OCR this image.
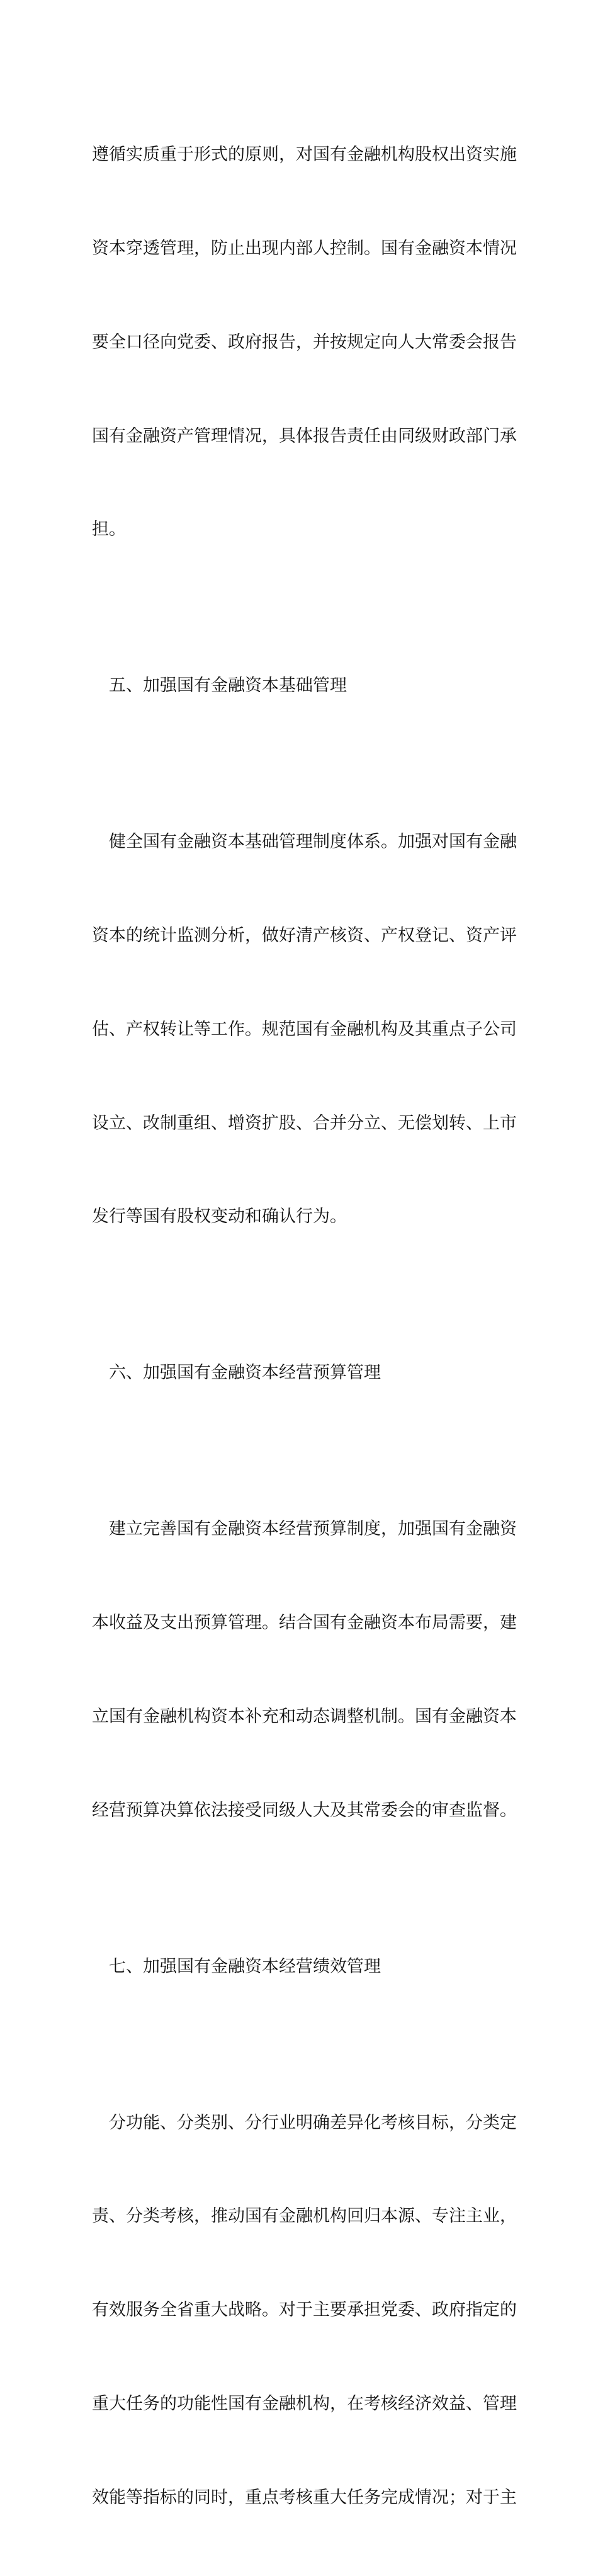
遵循实质重于形式的原则，对国有金融机构股权出资实施

资本穿透管理，防止出现内部人控制。国有金融资本情况

要全口径向党委、政府报告，并按规定向人大常委会报告

国有金融资产管理情况，具体报告责任由同级财政部门承

担。

　五、加强国有金融资本基础管理

　健全国有金融资本基础管理制度体系。加强对国有金融

资本的统计监测分析，做好清产核资、产权登记、资产评

估、产权转让等工作。规范国有金融机构及其重点子公司

设立、改制重组、增资扩股、合并分立、无偿划转、上市

发行等国有股权变动和确认行为。

　六、加强国有金融资本经营预算管理

　建立完善国有金融资本经营预算制度，加强国有金融资

本收益及支出预算管理。结合国有金融资本布局需要，建

立国有金融机构资本补充和动态调整机制。国有金融资本

经营预算决算依法接受同级人大及其常委会的审查监督。

　七、加强国有金融资本经营绩效管理

　分功能、分类别、分行业明确差异化考核目标，分类定

责、分类考核，推动国有金融机构回归本源、专注主业，

有效服务全省重大战略。对于主要承担党委、政府指定的

重大任务的功能性国有金融机构，在考核经济效益、管理

效能等指标的同时，重点考核重大任务完成情况；对于主
